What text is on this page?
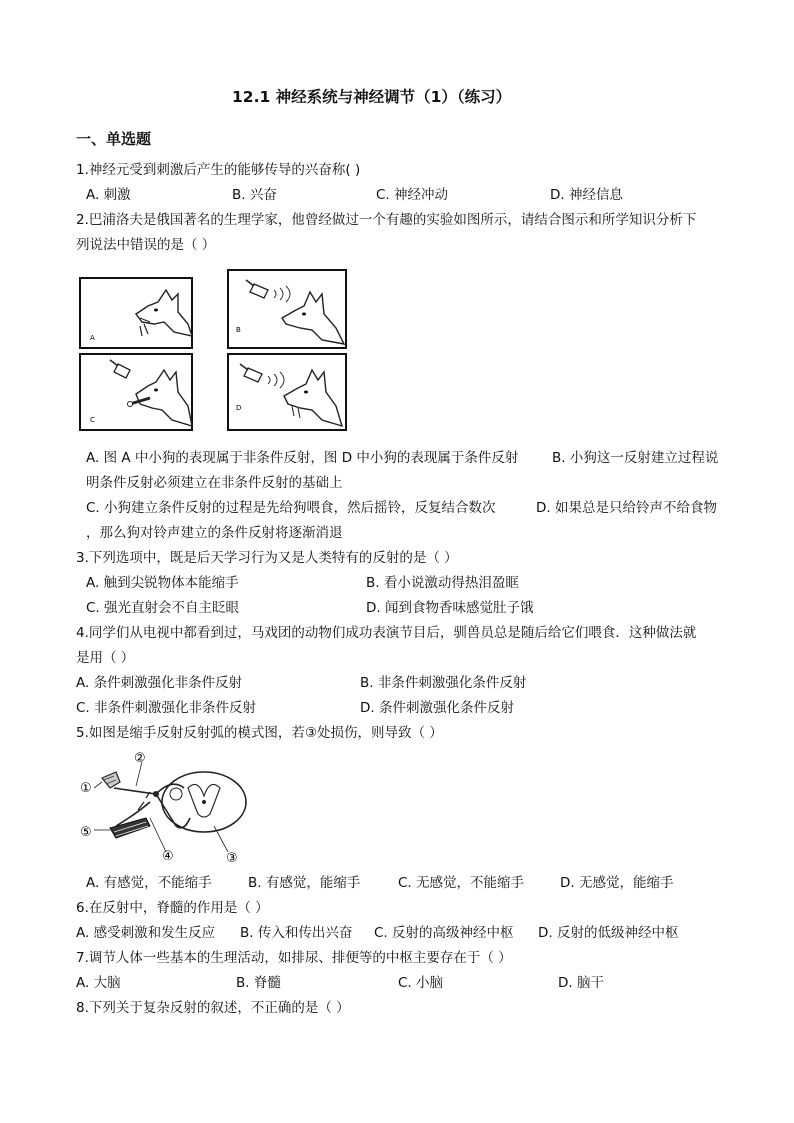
12.1 神经系统与神经调节（1）（练习）
一、单选题
1.神经元受到刺激后产生的能够传导的兴奋称( )
A. 刺激	B. 兴奋	C. 神经冲动	D. 神经信息
2.巴浦洛夫是俄国著名的生理学家，他曾经做过一个有趣的实验如图所示，请结合图示和所学知识分析下
列说法中错误的是（ ）
A
B
C
D
A. 图 A 中小狗的表现属于非条件反射，图 D 中小狗的表现属于条件反射 B. 小狗这一反射建立过程说
明条件反射必须建立在非条件反射的基础上
C. 小狗建立条件反射的过程是先给狗喂食，然后摇铃，反复结合数次	D. 如果总是只给铃声不给食物
，那么狗对铃声建立的条件反射将逐渐消退
3.下列选项中，既是后天学习行为又是人类特有的反射的是（ ）
A. 触到尖锐物体本能缩手	B. 看小说激动得热泪盈眶
C. 强光直射会不自主眨眼	D. 闻到食物香味感觉肚子饿
4.同学们从电视中都看到过，马戏团的动物们成功表演节目后，驯兽员总是随后给它们喂食．这种做法就
是用（ ）
A. 条件刺激强化非条件反射	B. 非条件刺激强化条件反射
C. 非条件刺激强化非条件反射	D. 条件刺激强化条件反射
5.如图是缩手反射反射弧的模式图，若③处损伤，则导致（ ）
①
②
③
④
⑤
A. 有感觉，不能缩手	B. 有感觉，能缩手	C. 无感觉，不能缩手	D. 无感觉，能缩手
6.在反射中，脊髓的作用是（ ）
A. 感受刺激和发生反应 B. 传入和传出兴奋 C. 反射的高级神经中枢 D. 反射的低级神经中枢
7.调节人体一些基本的生理活动，如排尿、排便等的中枢主要存在于（ ）
A. 大脑	B. 脊髓	C. 小脑	D. 脑干
8.下列关于复杂反射的叙述，不正确的是（ ）
